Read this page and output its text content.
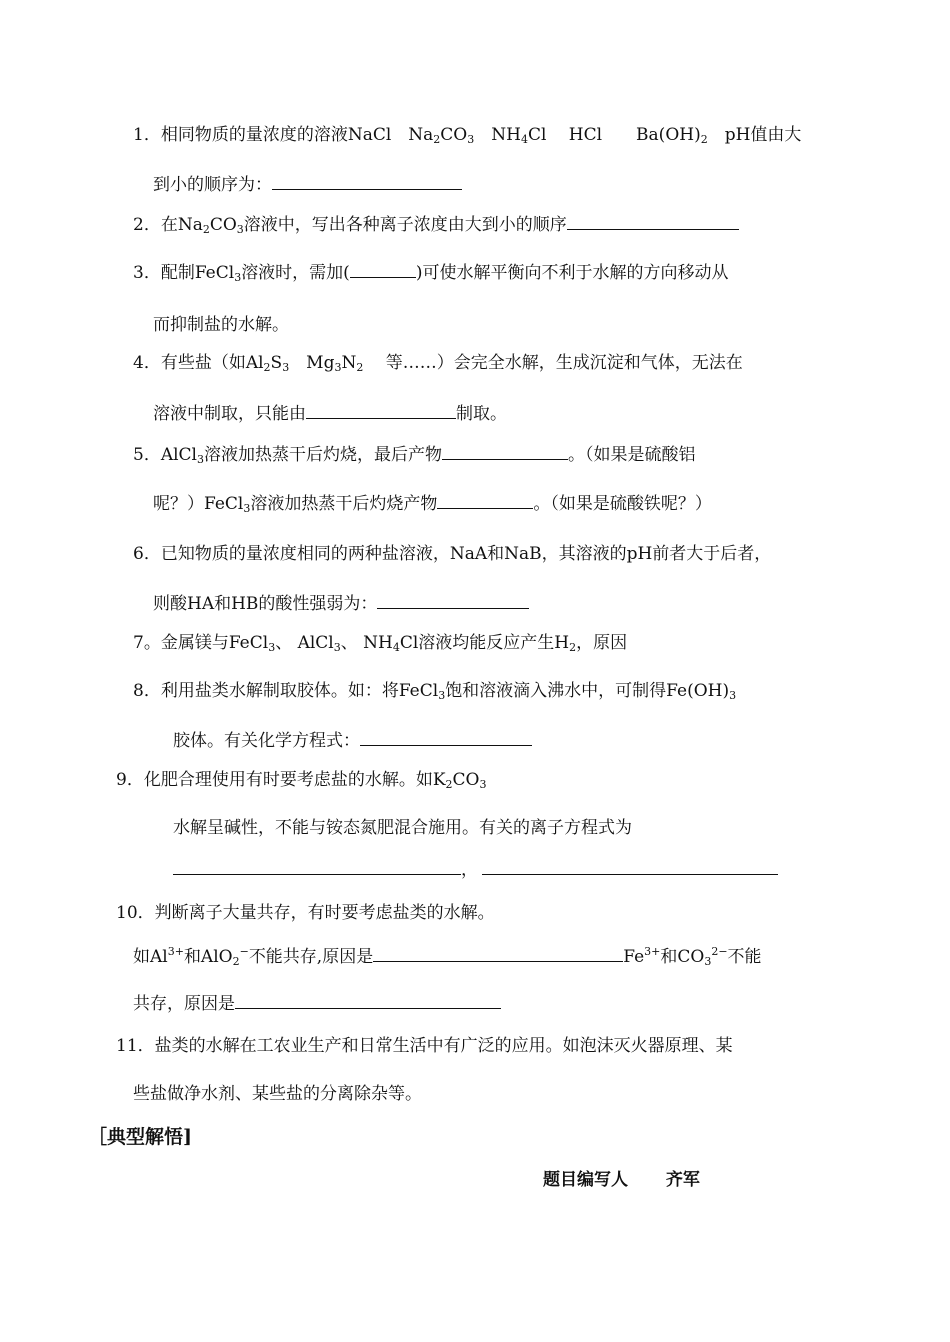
1．相同物质的量浓度的溶液NaCl　$Na_2CO_3$　$NH_4Cl$　 HCl　　$Ba(OH)_2$　pH值由大
到小的顺序为：
2．在$Na_2CO_3$溶液中，写出各种离子浓度由大到小的顺序
3．配制FeCl$_3$溶液时，需加(	)可使水解平衡向不利于水解的方向移动从
而抑制盐的水解。
4．有些盐（如$Al_2S_3$　$Mg_3N_2$　 等……）会完全水解，生成沉淀和气体，无法在
溶液中制取，只能由	制取。
5．AlCl$_3$溶液加热蒸干后灼烧，最后产物	。（如果是硫酸铝
呢？）FeCl$_3$溶液加热蒸干后灼烧产物	。（如果是硫酸铁呢？）
6．已知物质的量浓度相同的两种盐溶液，NaA和NaB，其溶液的pH前者大于后者，
则酸HA和HB的酸性强弱为：
7。金属镁与FeCl$_3$、 AlCl$_3$、 $NH_4Cl$溶液均能反应产生$H_2$，原因
8．利用盐类水解制取胶体。如：将FeCl$_3$饱和溶液滴入沸水中，可制得$Fe(OH)_3$
胶体。有关化学方程式：
9．化肥合理使用有时要考虑盐的水解。如$K_2CO_3$
水解呈碱性，不能与铵态氮肥混合施用。有关的离子方程式为
，
10．判断离子大量共存，有时要考虑盐类的水解。
如$Al^{3+}$和AlO$_2$−不能共存,原因是	$Fe^{3+}$和$CO_3^{2-}$不能
共存，原因是
11．盐类的水解在工农业生产和日常生活中有广泛的应用。如泡沫灭火器原理、某
些盐做净水剂、某些盐的分离除杂等。
［典型解悟]
题目编写人 齐军
